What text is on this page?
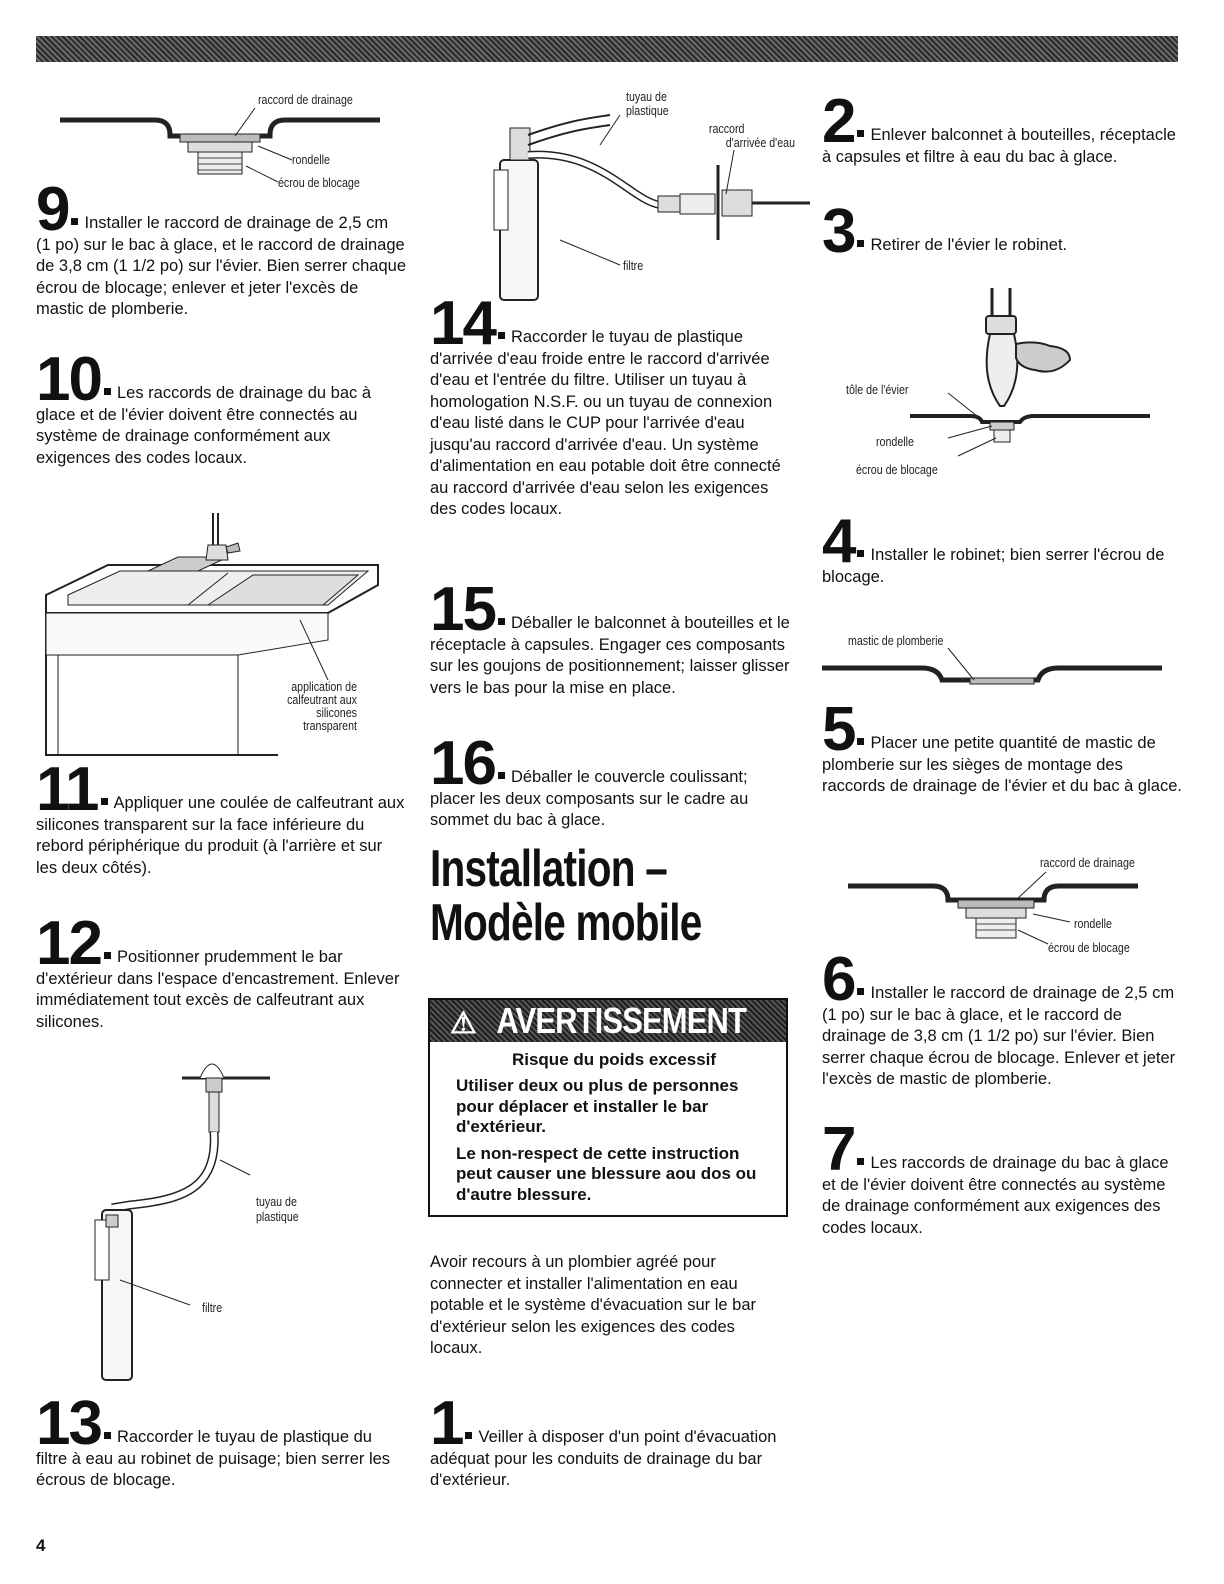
raccord de drainage
rondelle
écrou de blocage

9 Installer le raccord de drainage de 2,5 cm (1 po) sur le bac à glace, et le raccord de drainage de 3,8 cm (1 1/2 po) sur l'évier. Bien serrer chaque écrou de blocage; enlever et jeter l'excès de mastic de plomberie.

10 Les raccords de drainage du bac à glace et de l'évier doivent être connectés au système de drainage conformément aux exigences des codes locaux.

application de
calfeutrant aux
silicones
transparent

11 Appliquer une coulée de calfeutrant aux silicones transparent sur la face inférieure du rebord périphérique du produit (à l'arrière et sur les deux côtés).

12 Positionner prudemment le bar d'extérieur dans l'espace d'encastrement. Enlever immédiatement tout excès de calfeutrant aux silicones.

tuyau de
plastique
filtre

13 Raccorder le tuyau de plastique du filtre à eau au robinet de puisage; bien serrer les écrous de blocage.

tuyau de
plastique
raccord
d'arrivée d'eau
filtre

14 Raccorder le tuyau de plastique d'arrivée d'eau froide entre le raccord d'arrivée d'eau et l'entrée du filtre. Utiliser un tuyau à homologation N.S.F. ou un tuyau de connexion d'eau listé dans le CUP pour l'arrivée d'eau jusqu'au raccord d'arrivée d'eau. Un système d'alimentation en eau potable doit être connecté au raccord d'arrivée d'eau selon les exigences des codes locaux.

15 Déballer le balconnet à bouteilles et le réceptacle à capsules. Engager ces composants sur les goujons de positionnement; laisser glisser vers le bas pour la mise en place.

16 Déballer le couvercle coulissant; placer les deux composants sur le cadre au sommet du bac à glace.

Installation –
Modèle mobile
⚠ AVERTISSEMENT

Risque du poids excessif

Utiliser deux ou plus de personnes pour déplacer et installer le bar d'extérieur.

Le non-respect de cette instruction peut causer une blessure aou dos ou d'autre blessure.

Avoir recours à un plombier agréé pour connecter et installer l'alimentation en eau potable et le système d'évacuation sur le bar d'extérieur selon les exigences des codes locaux.

1 Veiller à disposer d'un point d'évacuation adéquat pour les conduits de drainage du bar d'extérieur.

2 Enlever balconnet à bouteilles, réceptacle à capsules et filtre à eau du bac à glace.

3 Retirer de l'évier le robinet.

tôle de l'évier
rondelle
écrou de blocage

4 Installer le robinet; bien serrer l'écrou de blocage.

mastic de plomberie

5 Placer une petite quantité de mastic de plomberie sur les sièges de montage des raccords de drainage de l'évier et du bac à glace.

raccord de drainage
rondelle
écrou de blocage

6 Installer le raccord de drainage de 2,5 cm (1 po) sur le bac à glace, et le raccord de drainage de 3,8 cm (1 1/2 po) sur l'évier. Bien serrer chaque écrou de blocage. Enlever et jeter l'excès de mastic de plomberie.

7 Les raccords de drainage du bac à glace et de l'évier doivent être connectés au système de drainage conformément aux exigences des codes locaux.

4
